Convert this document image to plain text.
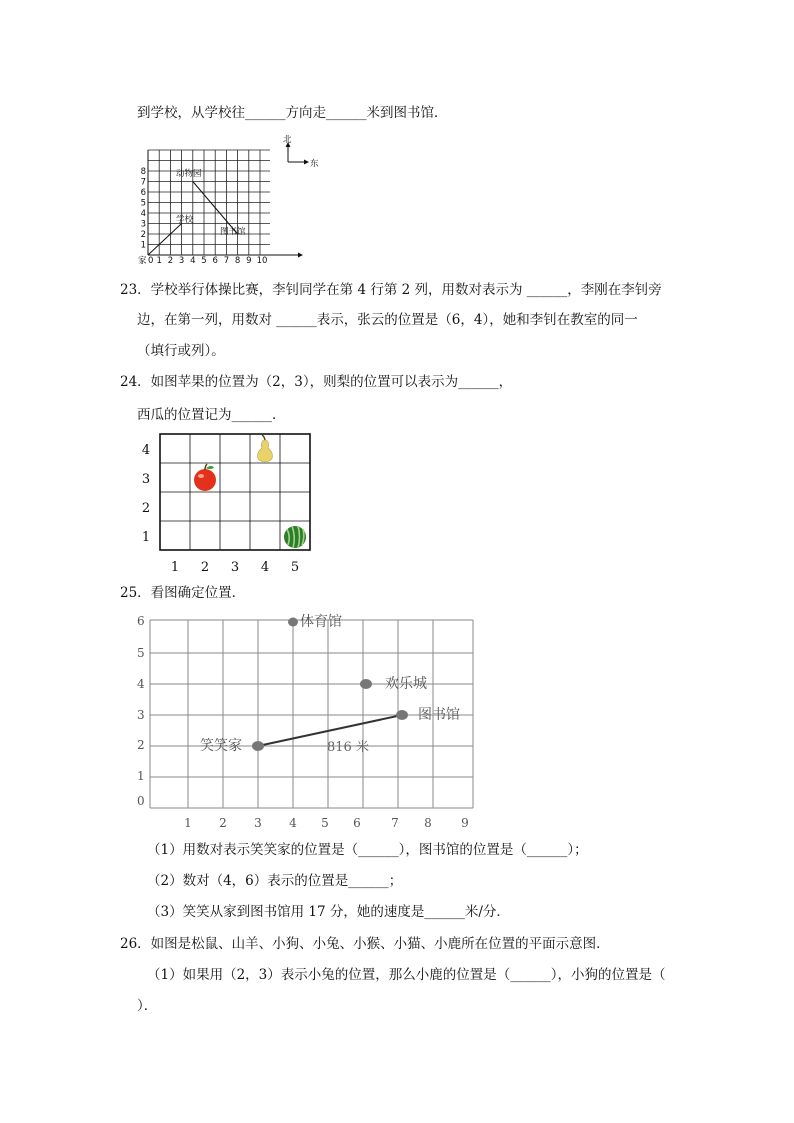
到学校，从学校往______方向走______米到图书馆．
动物园
学校
图书馆
1
2
3
4
5
6
7
8
家 0 1 2 3 4 5 6 7 8 9 10
北
东
23．学校举行体操比赛，李钊同学在第 4 行第 2 列，用数对表示为 ______，李刚在李钊旁
边，在第一列，用数对 ______表示，张云的位置是（6，4），她和李钊在教室的同一
（填行或列）。
24．如图苹果的位置为（2，3），则梨的位置可以表示为______，
西瓜的位置记为______．
4
3
2
1
1 2 3 4 5
25．看图确定位置．
0
1
2
3
4
5
6
1 2 3 4 5 6	7 8 9
816 米
体育馆
欢乐城
图书馆
笑笑家
（1）用数对表示笑笑家的位置是（______），图书馆的位置是（______）；
（2）数对（4，6）表示的位置是______；
（3）笑笑从家到图书馆用 17 分，她的速度是______米/分．
26．如图是松鼠、山羊、小狗、小兔、小猴、小猫、小鹿所在位置的平面示意图．
（1）如果用（2，3）表示小兔的位置，那么小鹿的位置是（______），小狗的位置是（
）．
